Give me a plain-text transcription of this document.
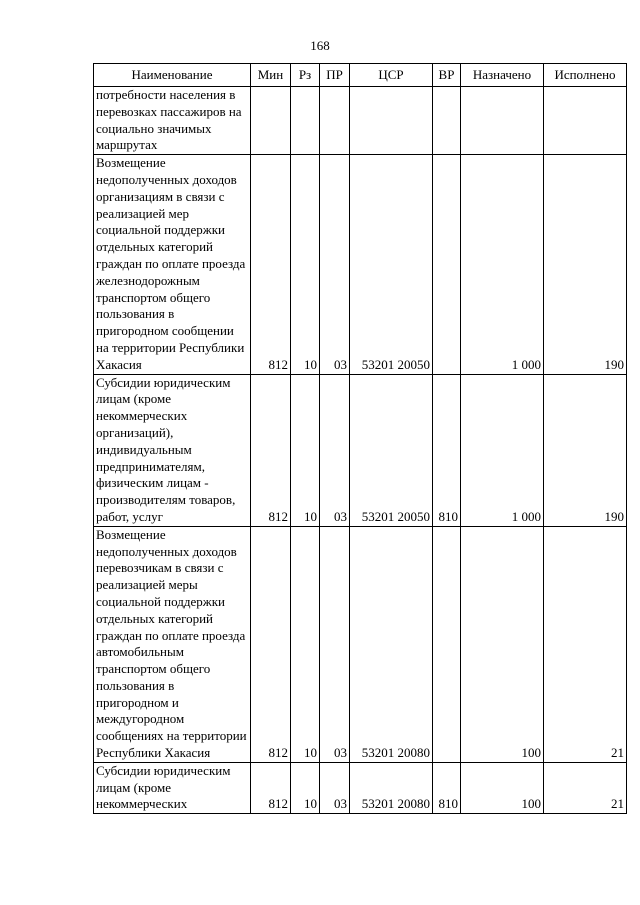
168
Наименование	Мин	Рз	ПР	ЦСР	ВР	Назначено	Исполнено
потребности населения в перевозках пассажиров на социально значимых маршрутах							
Возмещение недополученных доходов организациям в связи с реализацией мер социальной поддержки отдельных категорий граждан по оплате проезда железнодорожным транспортом общего пользования в пригородном сообщении на территории Республики Хакасия	812	10	03	53201 20050		1 000	190
Субсидии юридическим лицам (кроме некоммерческих организаций), индивидуальным предпринимателям, физическим лицам - производителям товаров, работ, услуг	812	10	03	53201 20050	810	1 000	190
Возмещение недополученных доходов перевозчикам в связи с реализацией меры социальной поддержки отдельных категорий граждан по оплате проезда автомобильным транспортом общего пользования в пригородном и междугородном сообщениях на территории Республики Хакасия	812	10	03	53201 20080		100	21
Субсидии юридическим лицам (кроме некоммерческих	812	10	03	53201 20080	810	100	21
